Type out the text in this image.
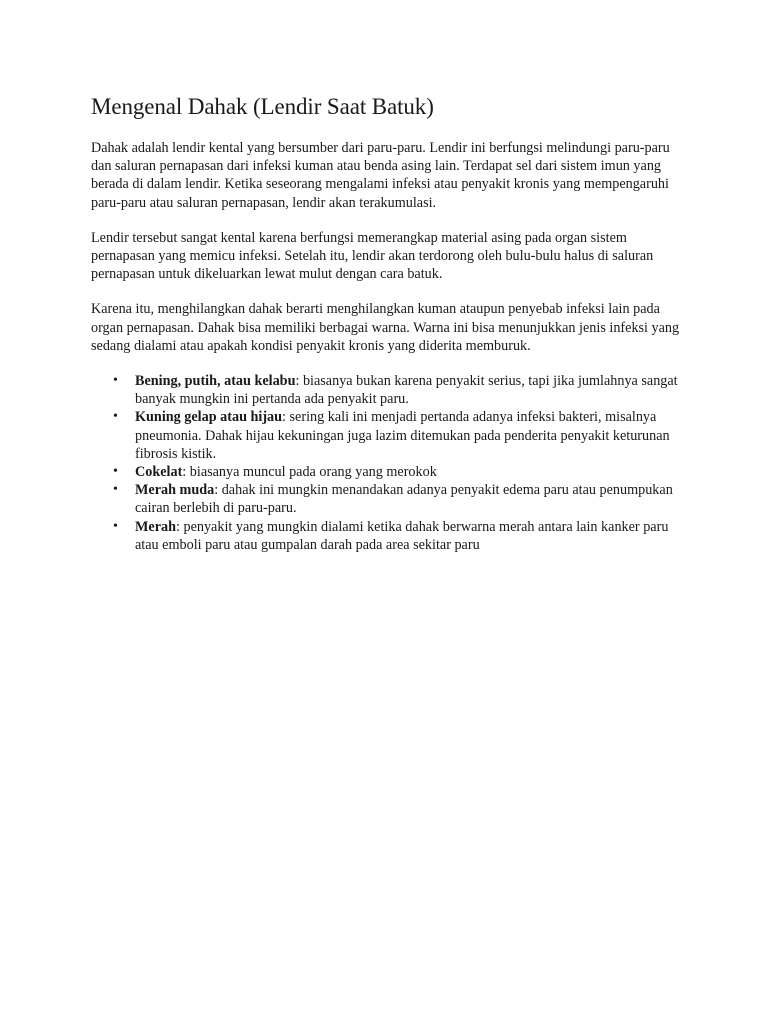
Mengenal Dahak (Lendir Saat Batuk)

Dahak adalah lendir kental yang bersumber dari paru-paru. Lendir ini berfungsi melindungi paru-paru dan saluran pernapasan dari infeksi kuman atau benda asing lain. Terdapat sel dari sistem imun yang berada di dalam lendir. Ketika seseorang mengalami infeksi atau penyakit kronis yang mempengaruhi paru-paru atau saluran pernapasan, lendir akan terakumulasi.

Lendir tersebut sangat kental karena berfungsi memerangkap material asing pada organ sistem pernapasan yang memicu infeksi. Setelah itu, lendir akan terdorong oleh bulu-bulu halus di saluran pernapasan untuk dikeluarkan lewat mulut dengan cara batuk.

Karena itu, menghilangkan dahak berarti menghilangkan kuman ataupun penyebab infeksi lain pada organ pernapasan. Dahak bisa memiliki berbagai warna. Warna ini bisa menunjukkan jenis infeksi yang sedang dialami atau apakah kondisi penyakit kronis yang diderita memburuk.

• Bening, putih, atau kelabu: biasanya bukan karena penyakit serius, tapi jika jumlahnya sangat banyak mungkin ini pertanda ada penyakit paru.
• Kuning gelap atau hijau: sering kali ini menjadi pertanda adanya infeksi bakteri, misalnya pneumonia. Dahak hijau kekuningan juga lazim ditemukan pada penderita penyakit keturunan fibrosis kistik.
• Cokelat: biasanya muncul pada orang yang merokok
• Merah muda: dahak ini mungkin menandakan adanya penyakit edema paru atau penumpukan cairan berlebih di paru-paru.
• Merah: penyakit yang mungkin dialami ketika dahak berwarna merah antara lain kanker paru atau emboli paru atau gumpalan darah pada area sekitar paru
